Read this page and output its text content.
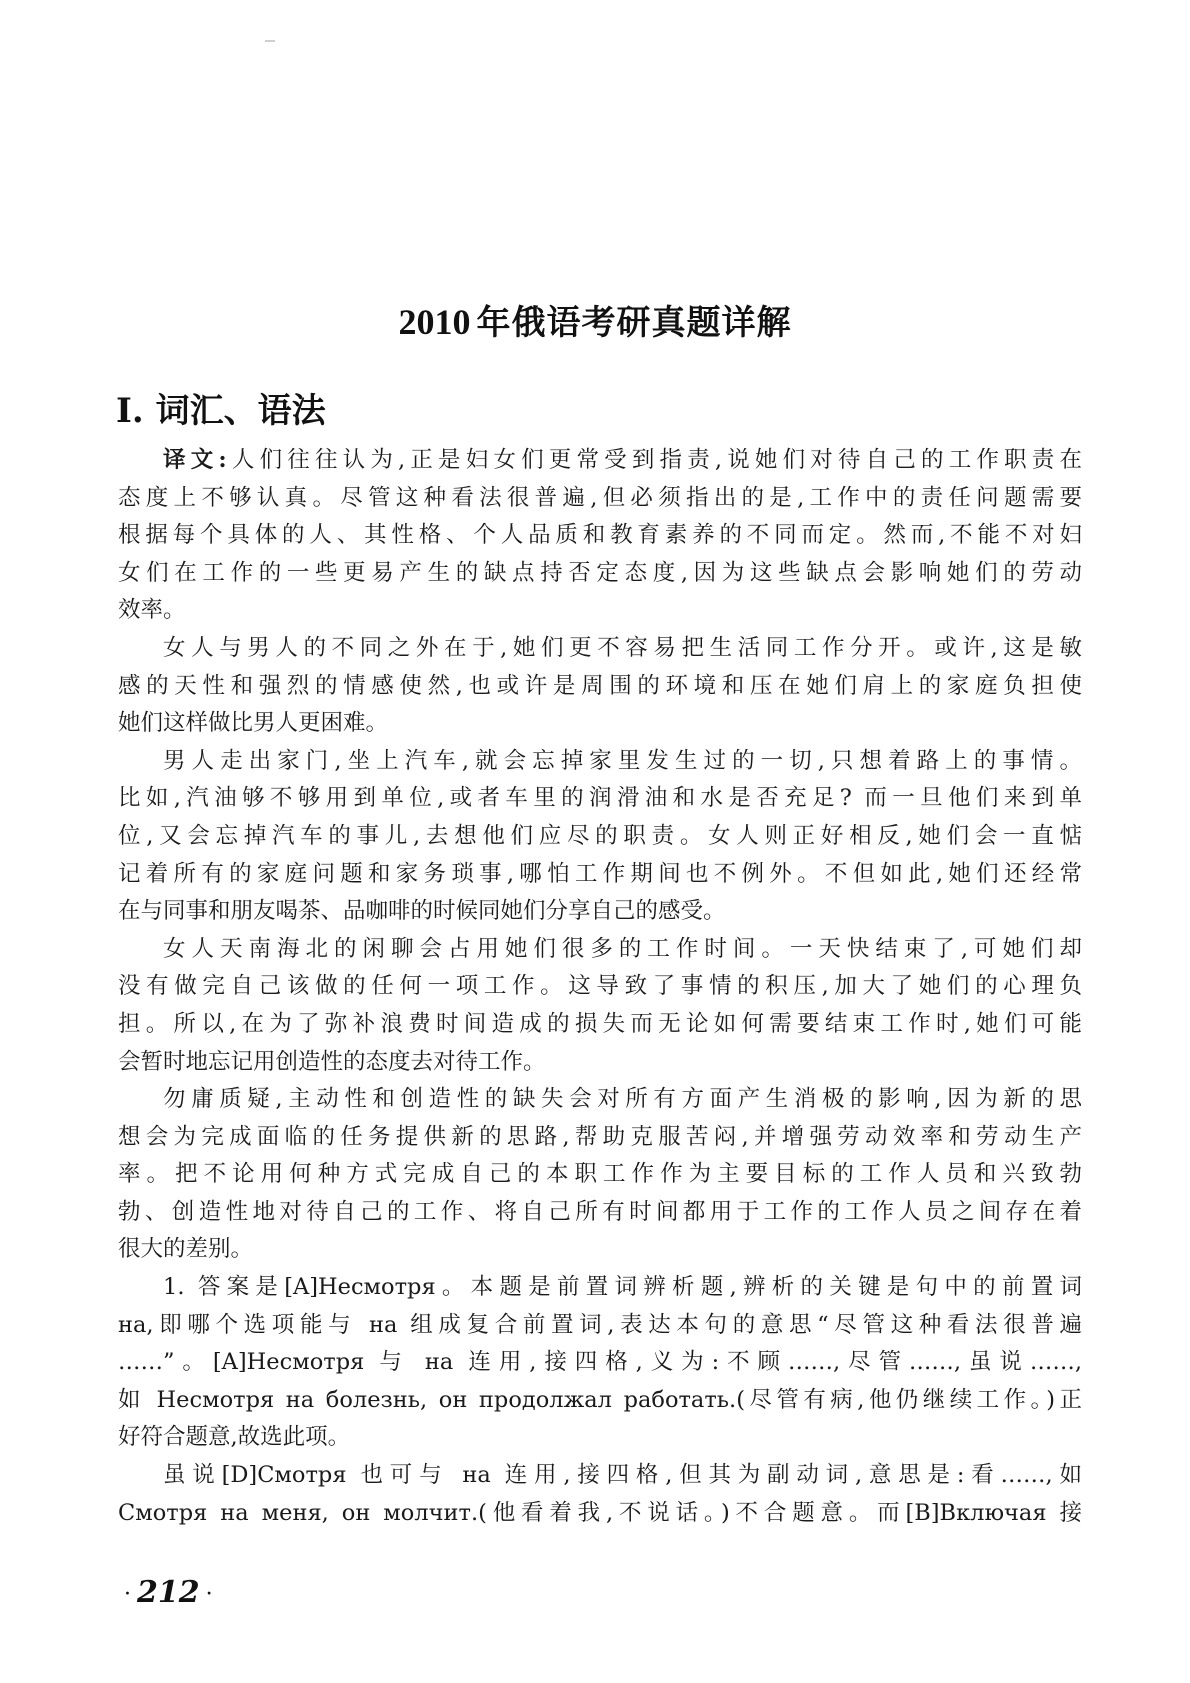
2010 年俄语考研真题详解
Ⅰ. 词汇、语法
译文:人们往往认为,正是妇女们更常受到指责,说她们对待自己的工作职责在
态度上不够认真。尽管这种看法很普遍,但必须指出的是,工作中的责任问题需要
根据每个具体的人、其性格、个人品质和教育素养的不同而定。然而,不能不对妇
女们在工作的一些更易产生的缺点持否定态度,因为这些缺点会影响她们的劳动
效率。
女人与男人的不同之外在于,她们更不容易把生活同工作分开。或许,这是敏
感的天性和强烈的情感使然,也或许是周围的环境和压在她们肩上的家庭负担使
她们这样做比男人更困难。
男人走出家门,坐上汽车,就会忘掉家里发生过的一切,只想着路上的事情。
比如,汽油够不够用到单位,或者车里的润滑油和水是否充足? 而一旦他们来到单
位,又会忘掉汽车的事儿,去想他们应尽的职责。女人则正好相反,她们会一直惦
记着所有的家庭问题和家务琐事,哪怕工作期间也不例外。不但如此,她们还经常
在与同事和朋友喝茶、品咖啡的时候同她们分享自己的感受。
女人天南海北的闲聊会占用她们很多的工作时间。一天快结束了,可她们却
没有做完自己该做的任何一项工作。这导致了事情的积压,加大了她们的心理负
担。所以,在为了弥补浪费时间造成的损失而无论如何需要结束工作时,她们可能
会暂时地忘记用创造性的态度去对待工作。
勿庸质疑,主动性和创造性的缺失会对所有方面产生消极的影响,因为新的思
想会为完成面临的任务提供新的思路,帮助克服苦闷,并增强劳动效率和劳动生产
率。把不论用何种方式完成自己的本职工作作为主要目标的工作人员和兴致勃
勃、创造性地对待自己的工作、将自己所有时间都用于工作的工作人员之间存在着
很大的差别。
1. 答案是[A]Несмотря。本题是前置词辨析题,辨析的关键是句中的前置词
на,即哪个选项能与 на 组成复合前置词,表达本句的意思“尽管这种看法很普遍
……”。[A]Несмотря 与 на 连用,接四格,义为:不顾……,尽管……,虽说……,
如 Несмотря на болезнь, он продолжал работать.(尽管有病,他仍继续工作。)正
好符合题意,故选此项。
虽说[D]Смотря 也可与 на 连用,接四格,但其为副动词,意思是:看……,如
Смотря на меня, он молчит.(他看着我,不说话。)不合题意。而[B]Включая 接
· 212 ·
